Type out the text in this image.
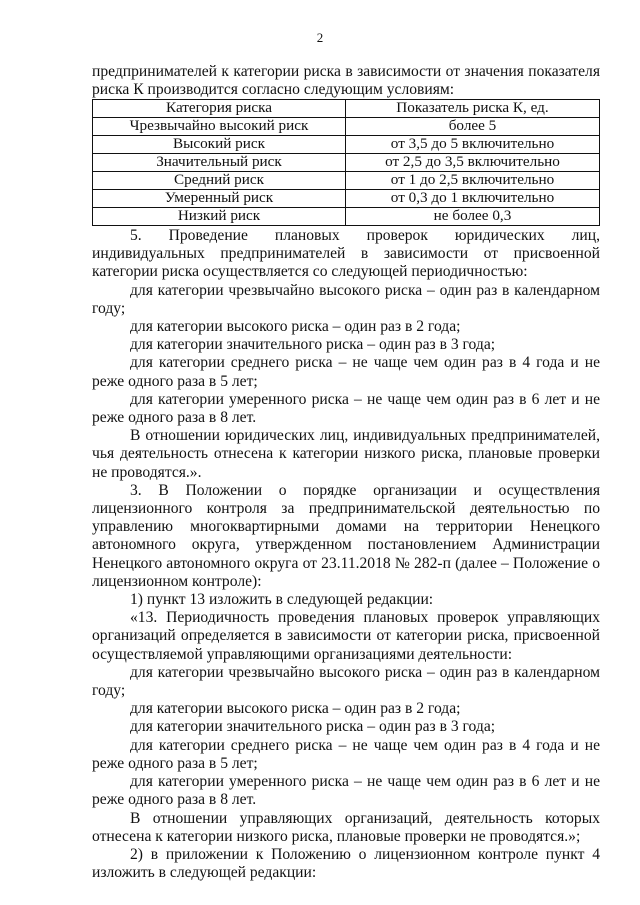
2

предпринимателей к категории риска в зависимости от значения показателя

риска К производится согласно следующим условиям:

Категория риска	Показатель риска К, ед.
Чрезвычайно высокий риск	более 5
Высокий риск	от 3,5 до 5 включительно
Значительный риск	от 2,5 до 3,5 включительно
Средний риск	от 1 до 2,5 включительно
Умеренный риск	от 0,3 до 1 включительно
Низкий риск	не более 0,3

5. Проведение плановых проверок юридических лиц, индивидуальных предпринимателей в зависимости от присвоенной категории риска осуществляется со следующей периодичностью:

для категории чрезвычайно высокого риска – один раз в календарном году;

для категории высокого риска – один раз в 2 года;

для категории значительного риска – один раз в 3 года;

для категории среднего риска – не чаще чем один раз в 4 года и не реже одного раза в 5 лет;

для категории умеренного риска – не чаще чем один раз в 6 лет и не реже одного раза в 8 лет.

В отношении юридических лиц, индивидуальных предпринимателей, чья деятельность отнесена к категории низкого риска, плановые проверки не проводятся.».

3. В Положении о порядке организации и осуществления лицензионного контроля за предпринимательской деятельностью по управлению многоквартирными домами на территории Ненецкого автономного округа, утвержденном постановлением Администрации Ненецкого автономного округа от 23.11.2018 № 282-п (далее – Положение о лицензионном контроле):

1) пункт 13 изложить в следующей редакции:

«13. Периодичность проведения плановых проверок управляющих организаций определяется в зависимости от категории риска, присвоенной осуществляемой управляющими организациями деятельности:

для категории чрезвычайно высокого риска – один раз в календарном году;

для категории высокого риска – один раз в 2 года;

для категории значительного риска – один раз в 3 года;

для категории среднего риска – не чаще чем один раз в 4 года и не реже одного раза в 5 лет;

для категории умеренного риска – не чаще чем один раз в 6 лет и не реже одного раза в 8 лет.

В отношении управляющих организаций, деятельность которых отнесена к категории низкого риска, плановые проверки не проводятся.»;

2) в приложении к Положению о лицензионном контроле пункт 4 изложить в следующей редакции:
